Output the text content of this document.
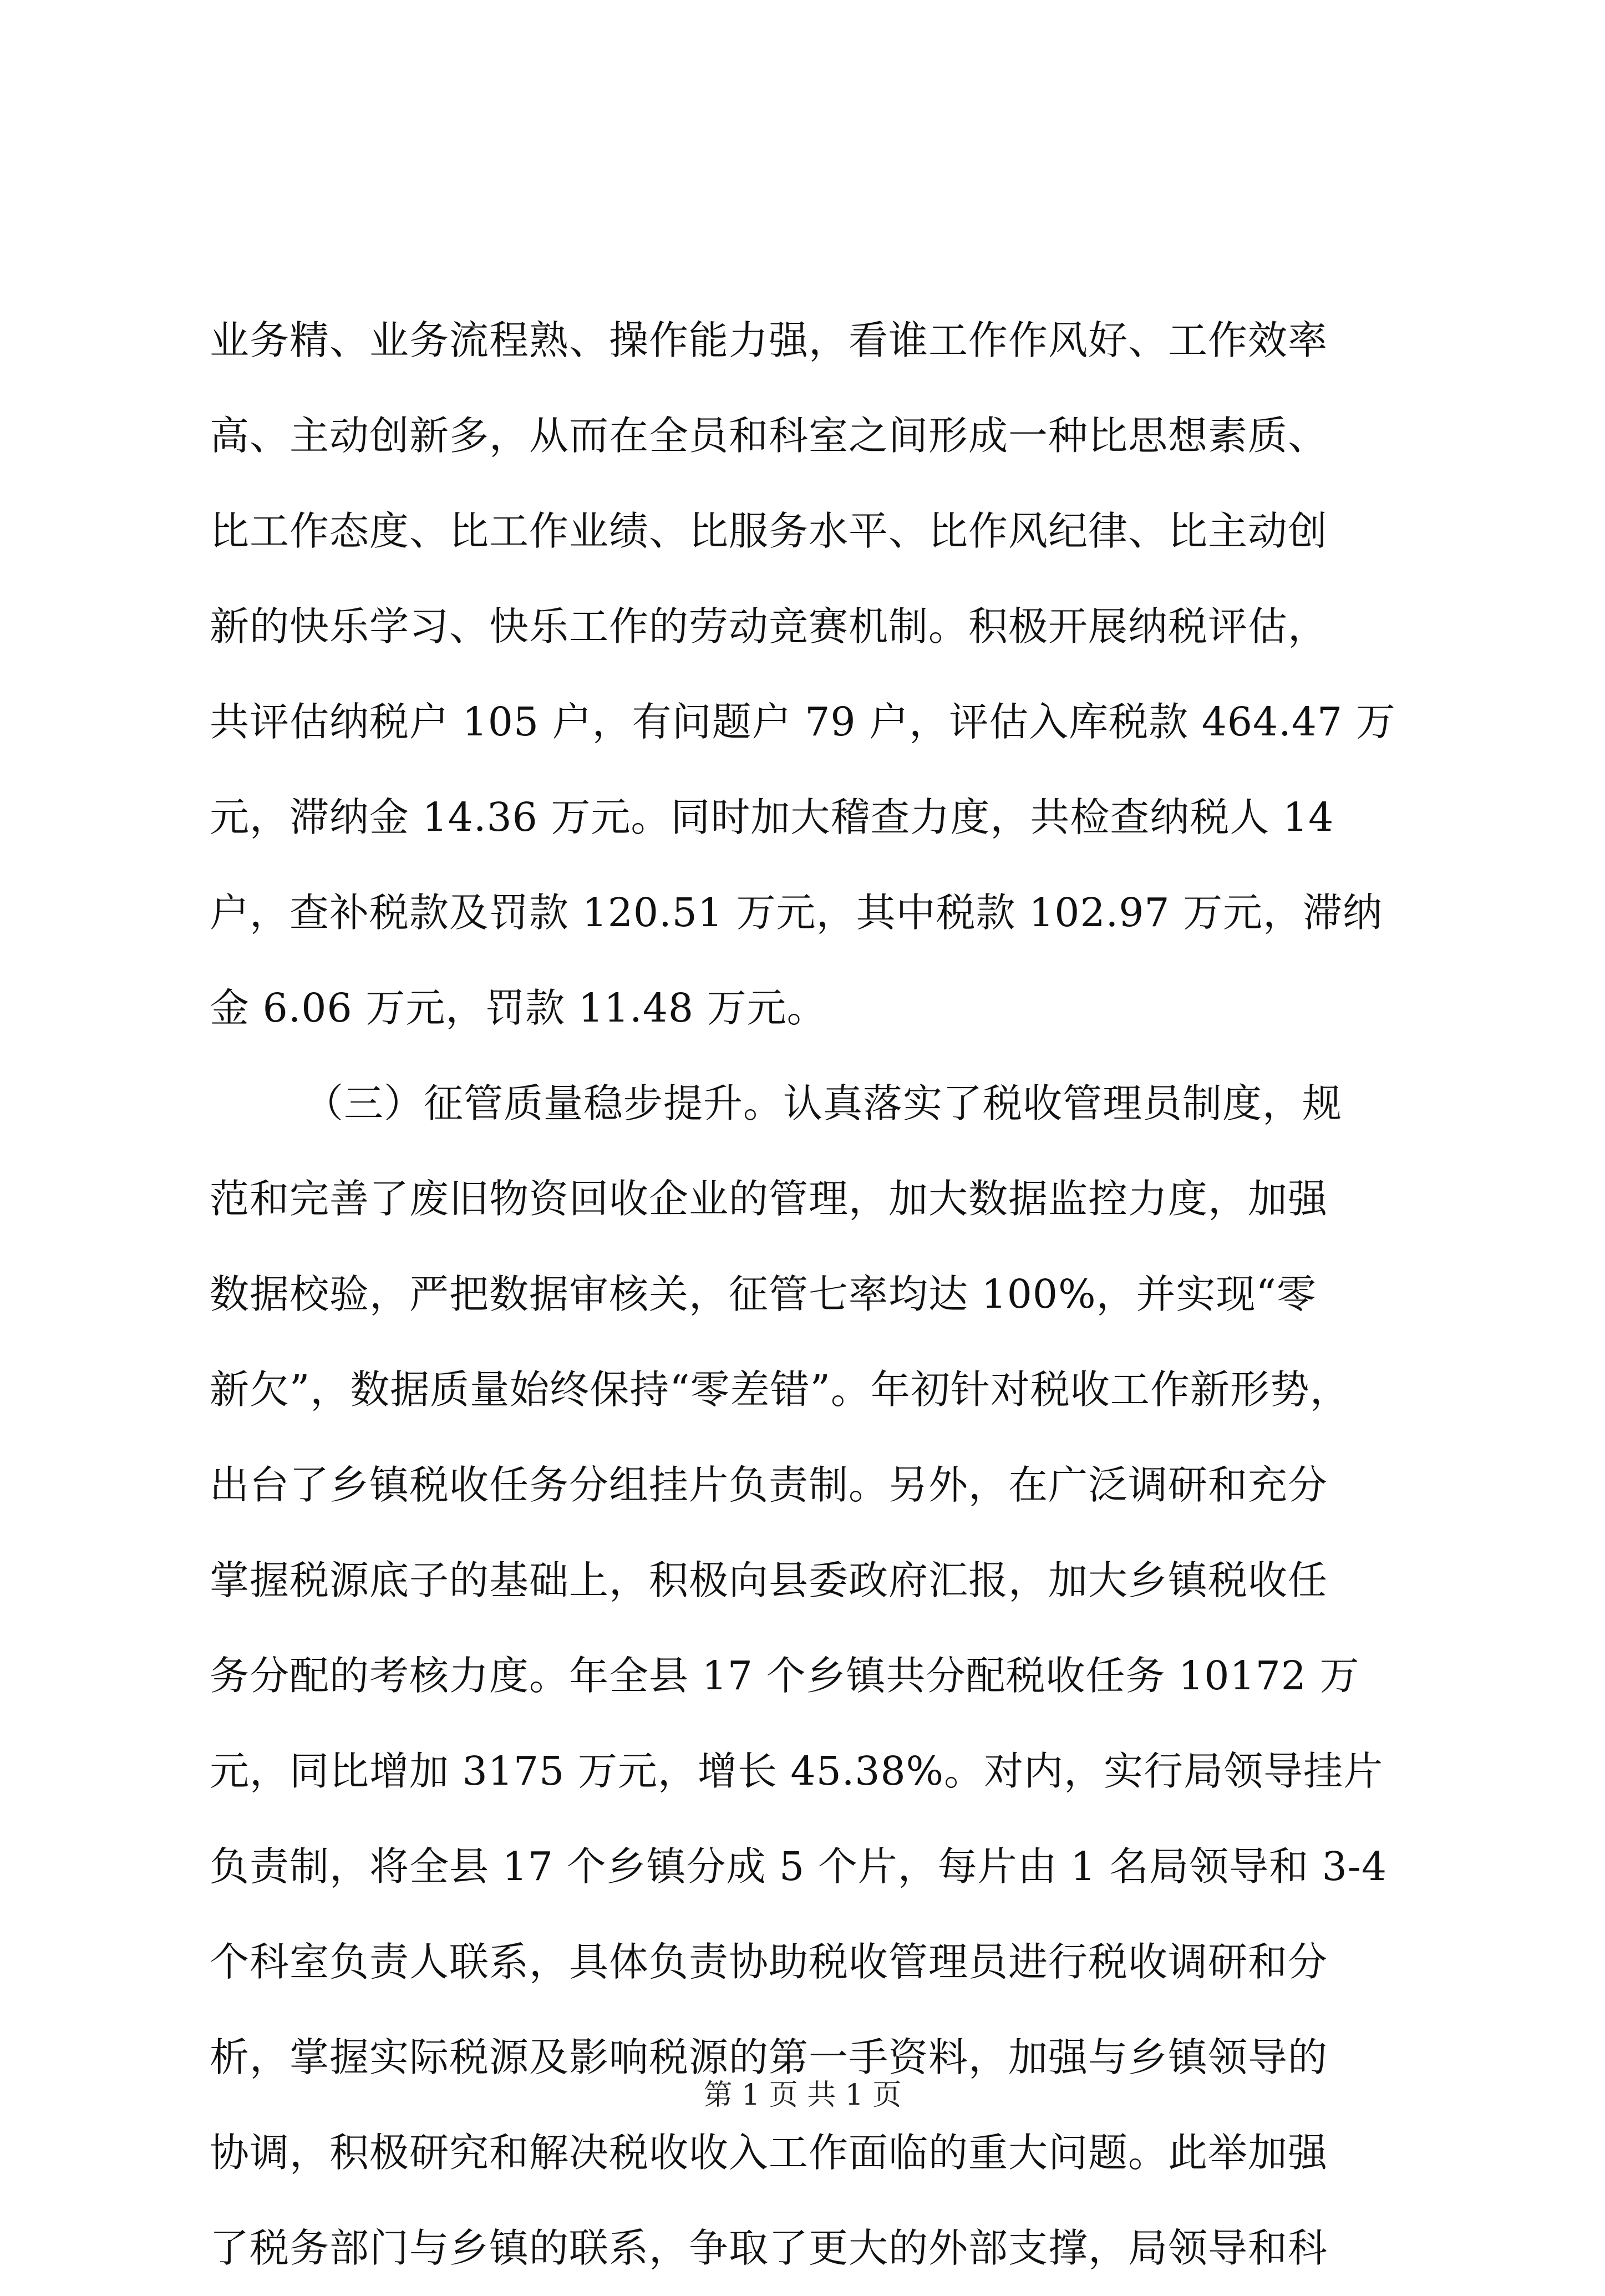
业务精、业务流程熟、操作能力强，看谁工作作风好、工作效率
高、主动创新多，从而在全员和科室之间形成一种比思想素质、
比工作态度、比工作业绩、比服务水平、比作风纪律、比主动创
新的快乐学习、快乐工作的劳动竞赛机制。积极开展纳税评估，
共评估纳税户 105 户，有问题户 79 户，评估入库税款 464.47 万
元，滞纳金 14.36 万元。同时加大稽查力度，共检查纳税人 14
户，查补税款及罚款 120.51 万元，其中税款 102.97 万元，滞纳
金 6.06 万元，罚款 11.48 万元。
（三）征管质量稳步提升。认真落实了税收管理员制度，规
范和完善了废旧物资回收企业的管理，加大数据监控力度，加强
数据校验，严把数据审核关，征管七率均达 100%，并实现“零
新欠”，数据质量始终保持“零差错”。年初针对税收工作新形势，
出台了乡镇税收任务分组挂片负责制。另外，在广泛调研和充分
掌握税源底子的基础上，积极向县委政府汇报，加大乡镇税收任
务分配的考核力度。年全县 17 个乡镇共分配税收任务 10172 万
元，同比增加 3175 万元，增长 45.38%。对内，实行局领导挂片
负责制，将全县 17 个乡镇分成 5 个片，每片由 1 名局领导和 3-4
个科室负责人联系，具体负责协助税收管理员进行税收调研和分
析，掌握实际税源及影响税源的第一手资料，加强与乡镇领导的
协调，积极研究和解决税收收入工作面临的重大问题。此举加强
了税务部门与乡镇的联系，争取了更大的外部支撑，局领导和科
第 1 页 共 1 页
